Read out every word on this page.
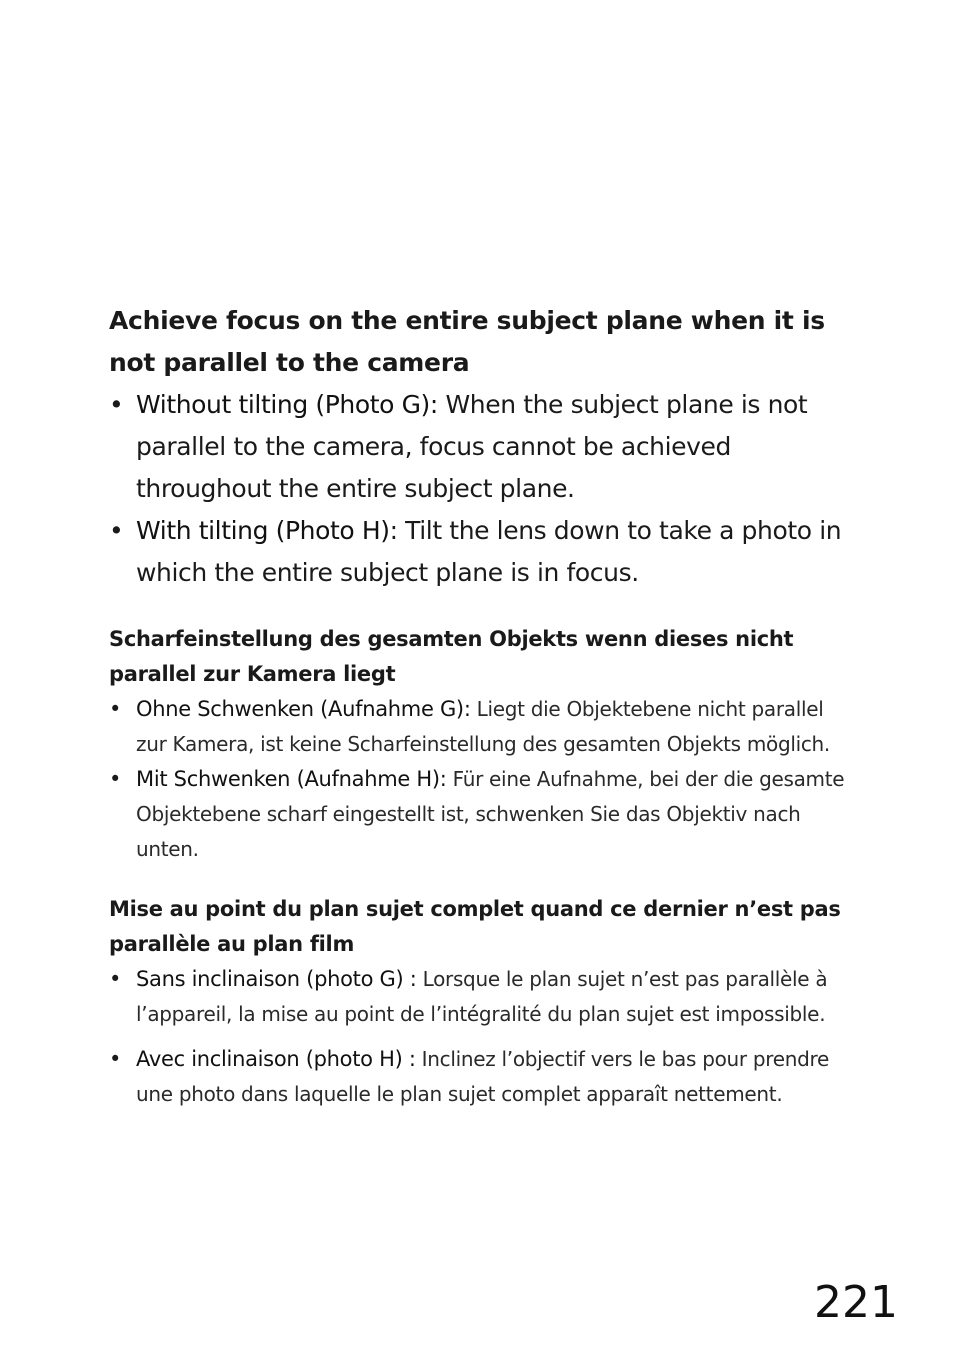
Achieve focus on the entire subject plane when it is not parallel to the camera
• Without tilting (Photo G): When the subject plane is not parallel to the camera, focus cannot be achieved throughout the entire subject plane.
• With tilting (Photo H): Tilt the lens down to take a photo in which the entire subject plane is in focus.
Scharfeinstellung des gesamten Objekts wenn dieses nicht parallel zur Kamera liegt
• Ohne Schwenken (Aufnahme G): Liegt die Objektebene nicht parallel zur Kamera, ist keine Scharfeinstellung des gesamten Objekts möglich.
• Mit Schwenken (Aufnahme H): Für eine Aufnahme, bei der die gesamte Objektebene scharf eingestellt ist, schwenken Sie das Objektiv nach unten.
Mise au point du plan sujet complet quand ce dernier n’est pas parallèle au plan film
• Sans inclinaison (photo G) : Lorsque le plan sujet n’est pas parallèle à l’appareil, la mise au point de l’intégralité du plan sujet est impossible.
• Avec inclinaison (photo H) : Inclinez l’objectif vers le bas pour prendre une photo dans laquelle le plan sujet complet apparaît nettement.
221
